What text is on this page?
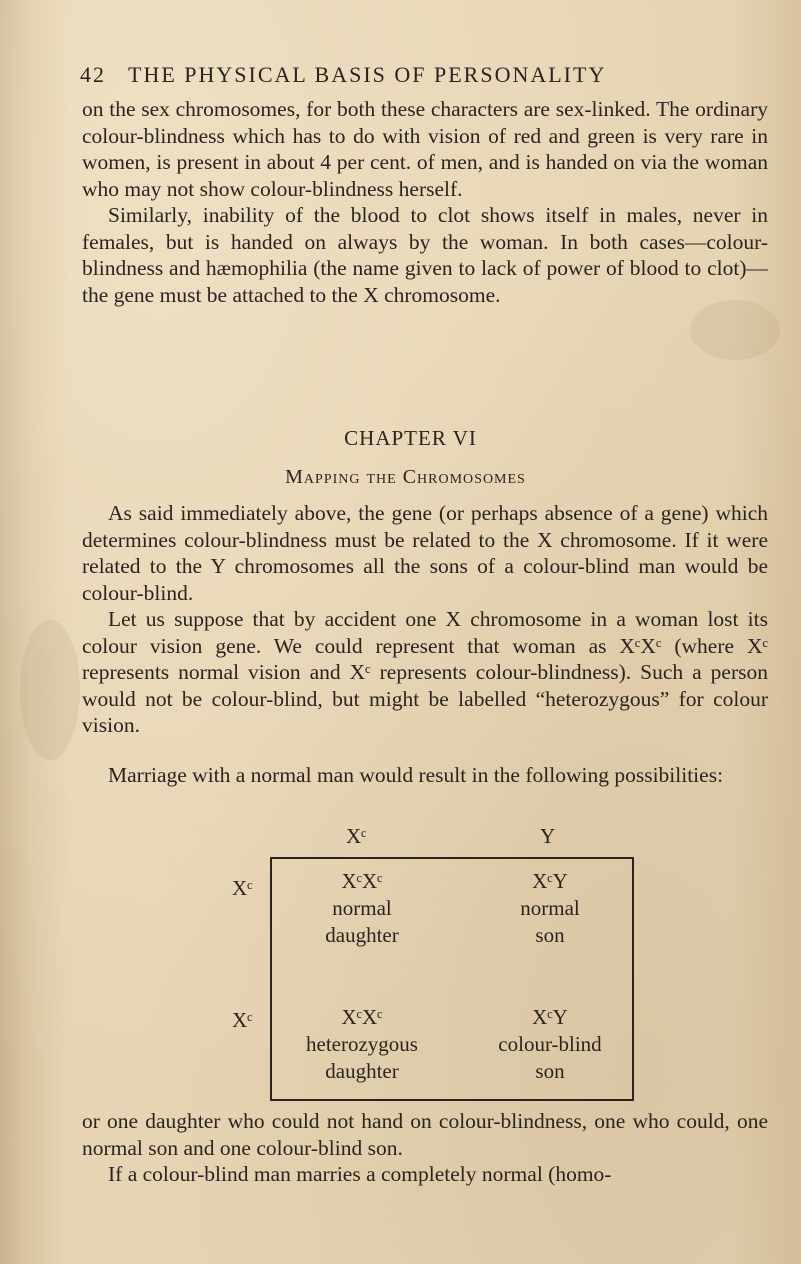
42 THE PHYSICAL BASIS OF PERSONALITY

on the sex chromosomes, for both these characters are sex-linked. The ordinary colour-blindness which has to do with vision of red and green is very rare in women, is present in about 4 per cent. of men, and is handed on via the woman who may not show colour-blindness herself.

Similarly, inability of the blood to clot shows itself in males, never in females, but is handed on always by the woman. In both cases—colour-blindness and hæmophilia (the name given to lack of power of blood to clot)—the gene must be attached to the X chromosome.

CHAPTER VI
Mapping the Chromosomes

As said immediately above, the gene (or perhaps absence of a gene) which determines colour-blindness must be related to the X chromosome. If it were related to the Y chromosomes all the sons of a colour-blind man would be colour-blind.

Let us suppose that by accident one X chromosome in a woman lost its colour vision gene. We could represent that woman as XᶜXᶜ (where Xᶜ represents normal vision and Xᶜ represents colour-blindness). Such a person would not be colour-blind, but might be labelled “heterozygous” for colour vision.

Marriage with a normal man would result in the following possibilities:

Xᶜ	Y
Xᶜ
Xᶜ
XᶜXᶜ
normal
daughter
XᶜY
normal
son
XᶜXᶜ
heterozygous
daughter
XᶜY
colour-blind
son

or one daughter who could not hand on colour-blindness, one who could, one normal son and one colour-blind son.

If a colour-blind man marries a completely normal (homo-
